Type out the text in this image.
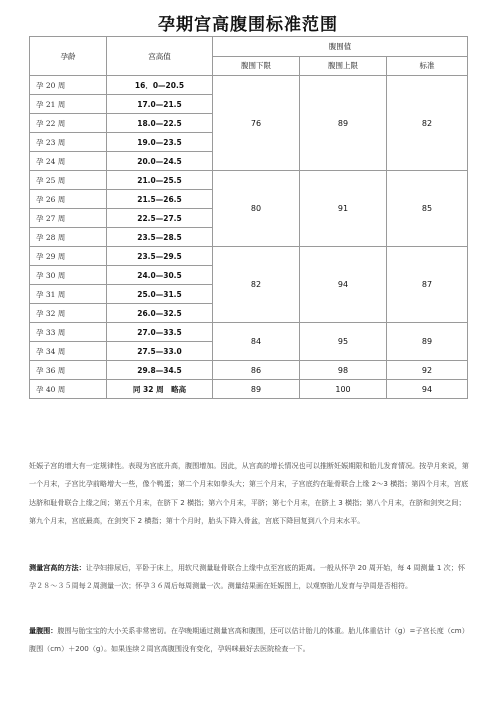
孕期宫高腹围标准范围
孕龄	宫高值	腹围值		
		腹围下限	腹围上限	标准
孕 20 周	16．0—20.5	76	89	82
孕 21 周	17.0—21.5			
孕 22 周	18.0—22.5			
孕 23 周	19.0—23.5			
孕 24 周	20.0—24.5			
孕 25 周	21.0—25.5	80	91	85
孕 26 周	21.5—26.5			
孕 27 周	22.5—27.5			
孕 28 周	23.5—28.5			
孕 29 周	23.5—29.5	82	94	87
孕 30 周	24.0—30.5			
孕 31 周	25.0—31.5			
孕 32 周	26.0—32.5			
孕 33 周	27.0—33.5	84	95	89
孕 34 周	27.5—33.0			
孕 36 周	29.8—34.5	86	98	92
孕 40 周	同 32 周　略高	89	100	94
妊娠子宫的增大有一定规律性。表现为宫底升高，腹围增加。因此，从宫高的增长情况也可以推断妊娠期限和胎儿发育情况。按孕月来说，第一个月末，子宫比孕前略增大一些，像个鸭蛋；第二个月末如拳头大；第三个月末，子宫底约在耻骨联合上缘 2～3 横指；第四个月末，宫底达脐和耻骨联合上缘之间；第五个月末，在脐下 2 横指；第六个月末，平脐；第七个月末，在脐上 3 横指；第八个月末，在脐和剑突之间；第九个月末，宫底最高，在剑突下 2 横指；第十个月时，胎头下降入骨盆，宫底下降回复到八个月末水平。
测量宫高的方法：让孕妇排尿后，平卧于床上，用软尺测量耻骨联合上缘中点至宫底的距离。一般从怀孕 20 周开始，每 4 周测量 1 次；怀孕２８～３５周每２周测量一次；怀孕３６周后每周测量一次。测量结果画在妊娠图上，以观察胎儿发育与孕周是否相符。
量腹围：腹围与胎宝宝的大小关系非常密切。在孕晚期通过测量宫高和腹围，还可以估计胎儿的体重。胎儿体重估计（g）=子宫长度（cm） 腹围（cm）＋200（g）。如果连续２周宫高腹围没有变化，孕妈咪最好去医院检查一下。
